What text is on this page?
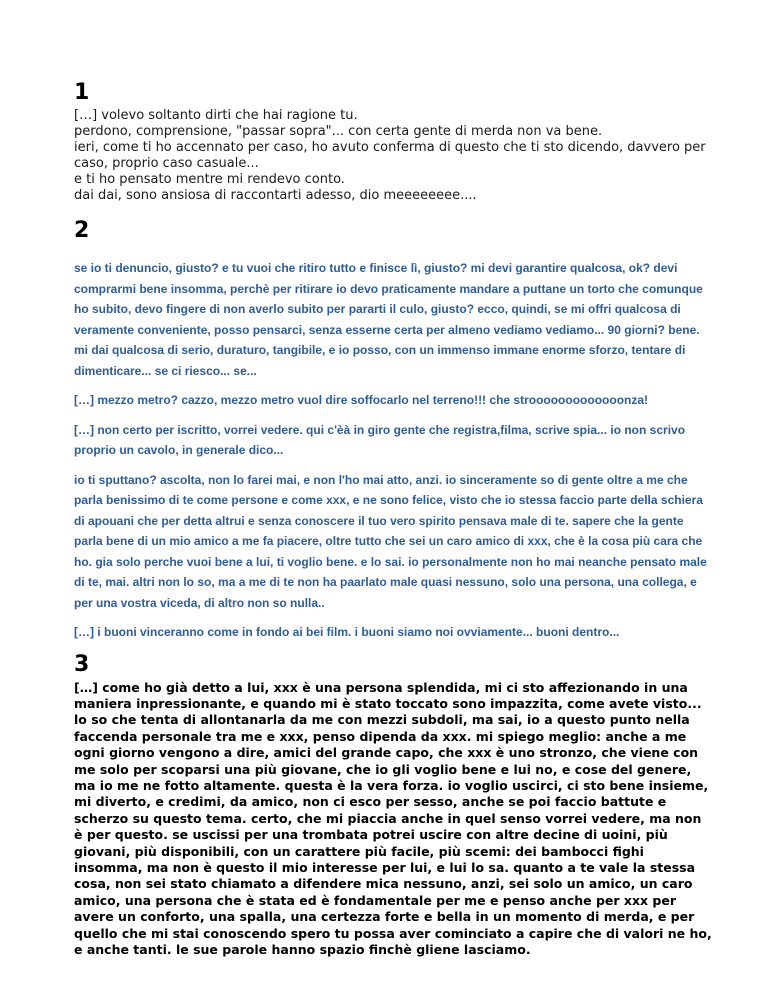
1

[…] volevo soltanto dirti che hai ragione tu.

perdono, comprensione, "passar sopra"... con certa gente di merda non va bene.

ieri, come ti ho accennato per caso, ho avuto conferma di questo che ti sto dicendo, davvero per caso, proprio caso casuale...

e ti ho pensato mentre mi rendevo conto.

dai dai, sono ansiosa di raccontarti adesso, dio meeeeeeee....

2

se io ti denuncio, giusto? e tu vuoi che ritiro tutto e finisce lì, giusto? mi devi garantire qualcosa, ok? devi comprarmi bene insomma, perchè per ritirare io devo praticamente mandare a puttane un torto che comunque ho subito, devo fingere di non averlo subito per pararti il culo, giusto? ecco, quindi, se mi offri qualcosa di veramente conveniente, posso pensarci, senza esserne certa per almeno vediamo vediamo... 90 giorni? bene. mi dai qualcosa di serio, duraturo, tangibile, e io posso, con un immenso immane enorme sforzo, tentare di dimenticare... se ci riesco... se...

[…] mezzo metro? cazzo, mezzo metro vuol dire soffocarlo nel terreno!!! che strooooooooooooonza!

[…] non certo per iscritto, vorrei vedere. qui c'èà in giro gente che registra,filma, scrive spia... io non scrivo proprio un cavolo, in generale dico...

io ti sputtano? ascolta, non lo farei mai, e non l'ho mai atto, anzi. io sinceramente so di gente oltre a me che parla benissimo di te come persone e come xxx, e ne sono felice, visto che io stessa faccio parte della schiera di apouani che per detta altrui e senza conoscere il tuo vero spirito pensava male di te. sapere che la gente parla bene di un mio amico a me fa piacere, oltre tutto che sei un caro amico di xxx, che è la cosa più cara che ho. gia solo perche vuoi bene a lui, ti voglio bene. e lo sai. io personalmente non ho mai neanche pensato male di te, mai. altri non lo so, ma a me di te non ha paarlato male quasi nessuno, solo una persona, una collega, e per una vostra viceda, di altro non so nulla..

[…] i buoni vinceranno come in fondo ai bei film. i buoni siamo noi ovviamente... buoni dentro...

3

[…] come ho già detto a lui, xxx è una persona splendida, mi ci sto affezionando in una maniera inpressionante, e quando mi è stato toccato sono impazzita, come avete visto... lo so che tenta di allontanarla da me con mezzi subdoli, ma sai, io a questo punto nella faccenda personale tra me e xxx, penso dipenda da xxx. mi spiego meglio: anche a me ogni giorno vengono a dire, amici del grande capo, che xxx è uno stronzo, che viene con me solo per scoparsi una più giovane, che io gli voglio bene e lui no, e cose del genere, ma io me ne fotto altamente. questa è la vera forza. io voglio uscirci, ci sto bene insieme, mi diverto, e credimi, da amico, non ci esco per sesso, anche se poi faccio battute e scherzo su questo tema. certo, che mi piaccia anche in quel senso vorrei vedere, ma non è per questo. se uscissi per una trombata potrei uscire con altre decine di uoini, più giovani, più disponibili, con un carattere più facile, più scemi: dei bambocci fighi insomma, ma non è questo il mio interesse per lui, e lui lo sa. quanto a te vale la stessa cosa, non sei stato chiamato a difendere mica nessuno, anzi, sei solo un amico, un caro amico, una persona che è stata ed è fondamentale per me e penso anche per xxx per avere un conforto, una spalla, una certezza forte e bella in un momento di merda, e per quello che mi stai conoscendo spero tu possa aver cominciato a capire che di valori ne ho, e anche tanti. le sue parole hanno spazio finchè gliene lasciamo.
